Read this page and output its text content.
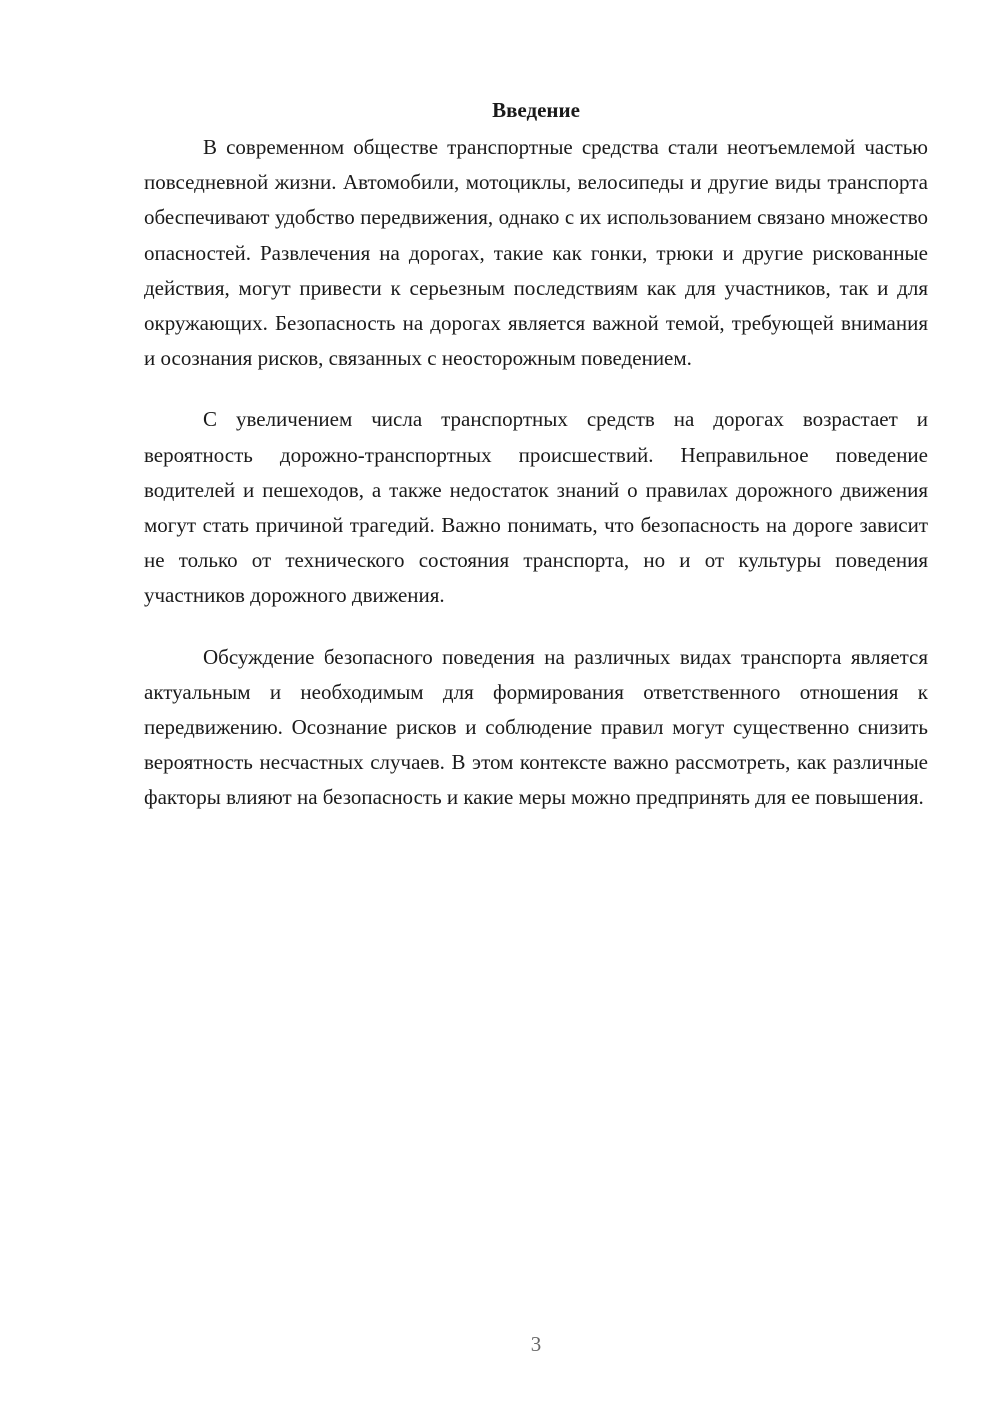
Введение

В современном обществе транспортные средства стали неотъемлемой частью повседневной жизни. Автомобили, мотоциклы, велосипеды и другие виды транспорта обеспечивают удобство передвижения, однако с их использованием связано множество опасностей. Развлечения на дорогах, такие как гонки, трюки и другие рискованные действия, могут привести к серьезным последствиям как для участников, так и для окружающих. Безопасность на дорогах является важной темой, требующей внимания и осознания рисков, связанных с неосторожным поведением.

С увеличением числа транспортных средств на дорогах возрастает и вероятность дорожно-транспортных происшествий. Неправильное поведение водителей и пешеходов, а также недостаток знаний о правилах дорожного движения могут стать причиной трагедий. Важно понимать, что безопасность на дороге зависит не только от технического состояния транспорта, но и от культуры поведения участников дорожного движения.

Обсуждение безопасного поведения на различных видах транспорта является актуальным и необходимым для формирования ответственного отношения к передвижению. Осознание рисков и соблюдение правил могут существенно снизить вероятность несчастных случаев. В этом контексте важно рассмотреть, как различные факторы влияют на безопасность и какие меры можно предпринять для ее повышения.

3
